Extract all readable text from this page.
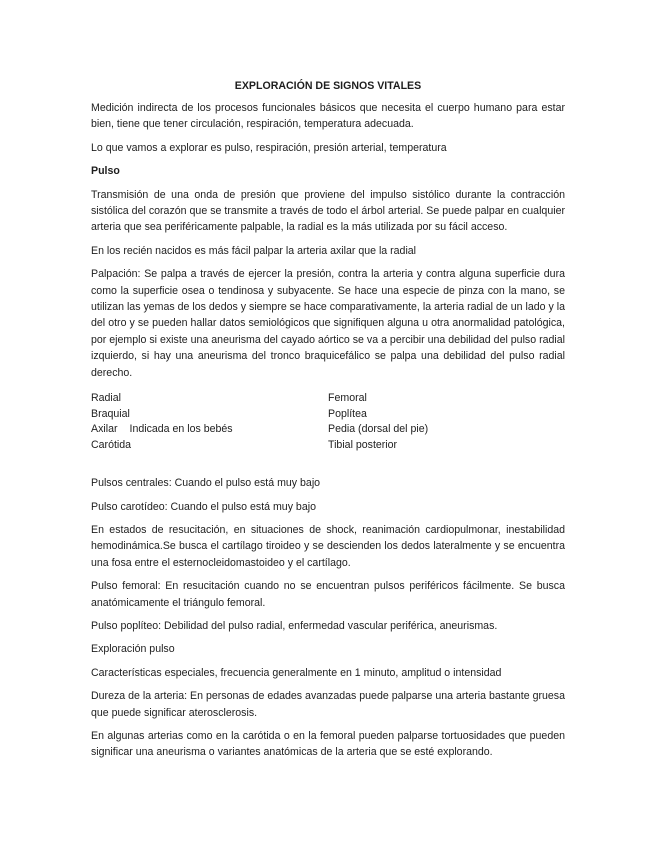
EXPLORACIÓN DE SIGNOS VITALES

Medición indirecta de los procesos funcionales básicos que necesita el cuerpo humano para estar bien, tiene que tener circulación, respiración, temperatura adecuada.

Lo que vamos a explorar es pulso, respiración, presión arterial, temperatura

Pulso

Transmisión de una onda de presión que proviene del impulso sistólico durante la contracción sistólica del corazón que se transmite a través de todo el árbol arterial. Se puede palpar en cualquier arteria que sea periféricamente palpable, la radial es la más utilizada por su fácil acceso.

En los recién nacidos es más fácil palpar la arteria axilar que la radial

Palpación: Se palpa a través de ejercer la presión, contra la arteria y contra alguna superficie dura como la superficie osea o tendinosa y subyacente. Se hace una especie de pinza con la mano, se utilizan las yemas de los dedos y siempre se hace comparativamente, la arteria radial de un lado y la del otro y se pueden hallar datos semiológicos que signifiquen alguna u otra anormalidad patológica, por ejemplo si existe una aneurisma del cayado aórtico se va a percibir una debilidad del pulso radial izquierdo, si hay una aneurisma del tronco braquicefálico se palpa una debilidad del pulso radial derecho.

Radial
Braquial
Axilar Indicada en los bebés
Carótida
Femoral
Poplítea
Pedia (dorsal del pie)
Tibial posterior

Pulsos centrales: Cuando el pulso está muy bajo

Pulso carotídeo: Cuando el pulso está muy bajo

En estados de resucitación, en situaciones de shock, reanimación cardiopulmonar, inestabilidad hemodinámica.Se busca el cartílago tiroideo y se descienden los dedos lateralmente y se encuentra una fosa entre el esternocleidomastoideo y el cartílago.

Pulso femoral: En resucitación cuando no se encuentran pulsos periféricos fácilmente. Se busca anatómicamente el triángulo femoral.

Pulso poplíteo: Debilidad del pulso radial, enfermedad vascular periférica, aneurismas.

Exploración pulso

Características especiales, frecuencia generalmente en 1 minuto, amplitud o intensidad

Dureza de la arteria: En personas de edades avanzadas puede palparse una arteria bastante gruesa que puede significar aterosclerosis.

En algunas arterias como en la carótida o en la femoral pueden palparse tortuosidades que pueden significar una aneurisma o variantes anatómicas de la arteria que se esté explorando.
